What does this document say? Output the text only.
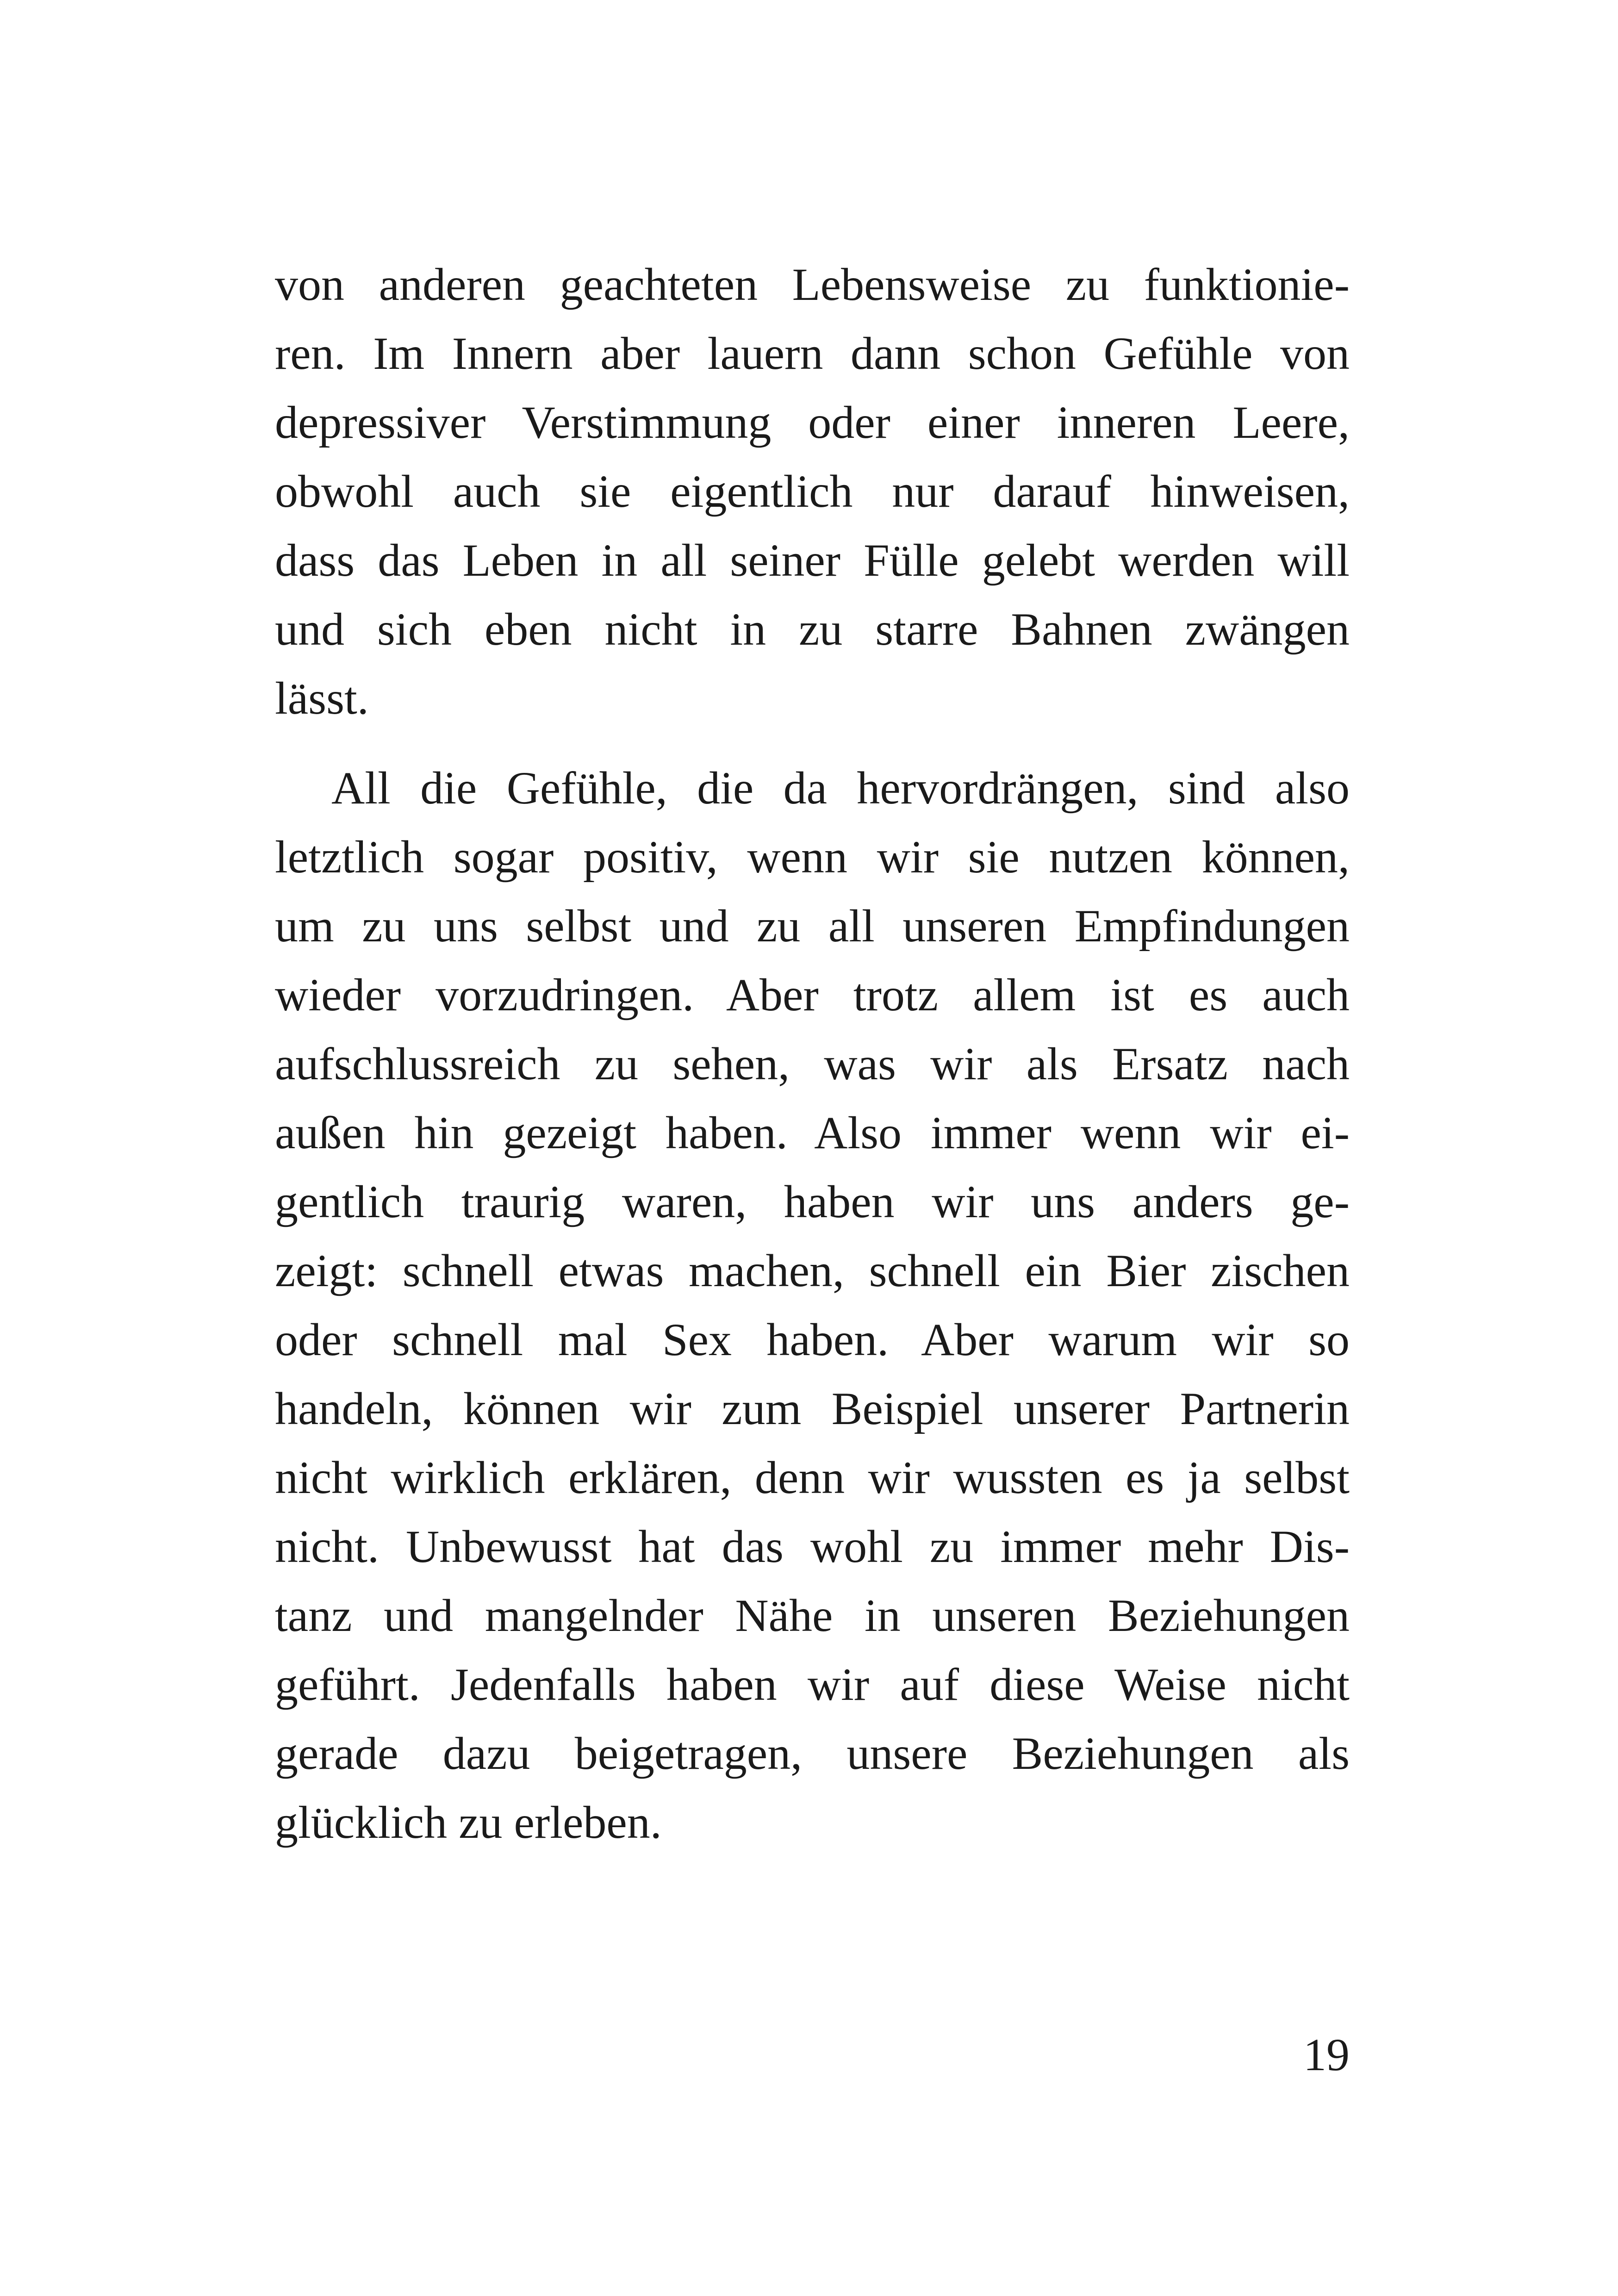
von anderen geachteten Lebensweise zu funktionie-
ren. Im Innern aber lauern dann schon Gefühle von
depressiver Verstimmung oder einer inneren Leere,
obwohl auch sie eigentlich nur darauf hinweisen,
dass das Leben in all seiner Fülle gelebt werden will
und sich eben nicht in zu starre Bahnen zwängen
lässt.
All die Gefühle, die da hervordrängen, sind also
letztlich sogar positiv, wenn wir sie nutzen können,
um zu uns selbst und zu all unseren Empfindungen
wieder vorzudringen. Aber trotz allem ist es auch
aufschlussreich zu sehen, was wir als Ersatz nach
außen hin gezeigt haben. Also immer wenn wir ei-
gentlich traurig waren, haben wir uns anders ge-
zeigt: schnell etwas machen, schnell ein Bier zischen
oder schnell mal Sex haben. Aber warum wir so
handeln, können wir zum Beispiel unserer Partnerin
nicht wirklich erklären, denn wir wussten es ja selbst
nicht. Unbewusst hat das wohl zu immer mehr Dis-
tanz und mangelnder Nähe in unseren Beziehungen
geführt. Jedenfalls haben wir auf diese Weise nicht
gerade dazu beigetragen, unsere Beziehungen als
glücklich zu erleben.
19
